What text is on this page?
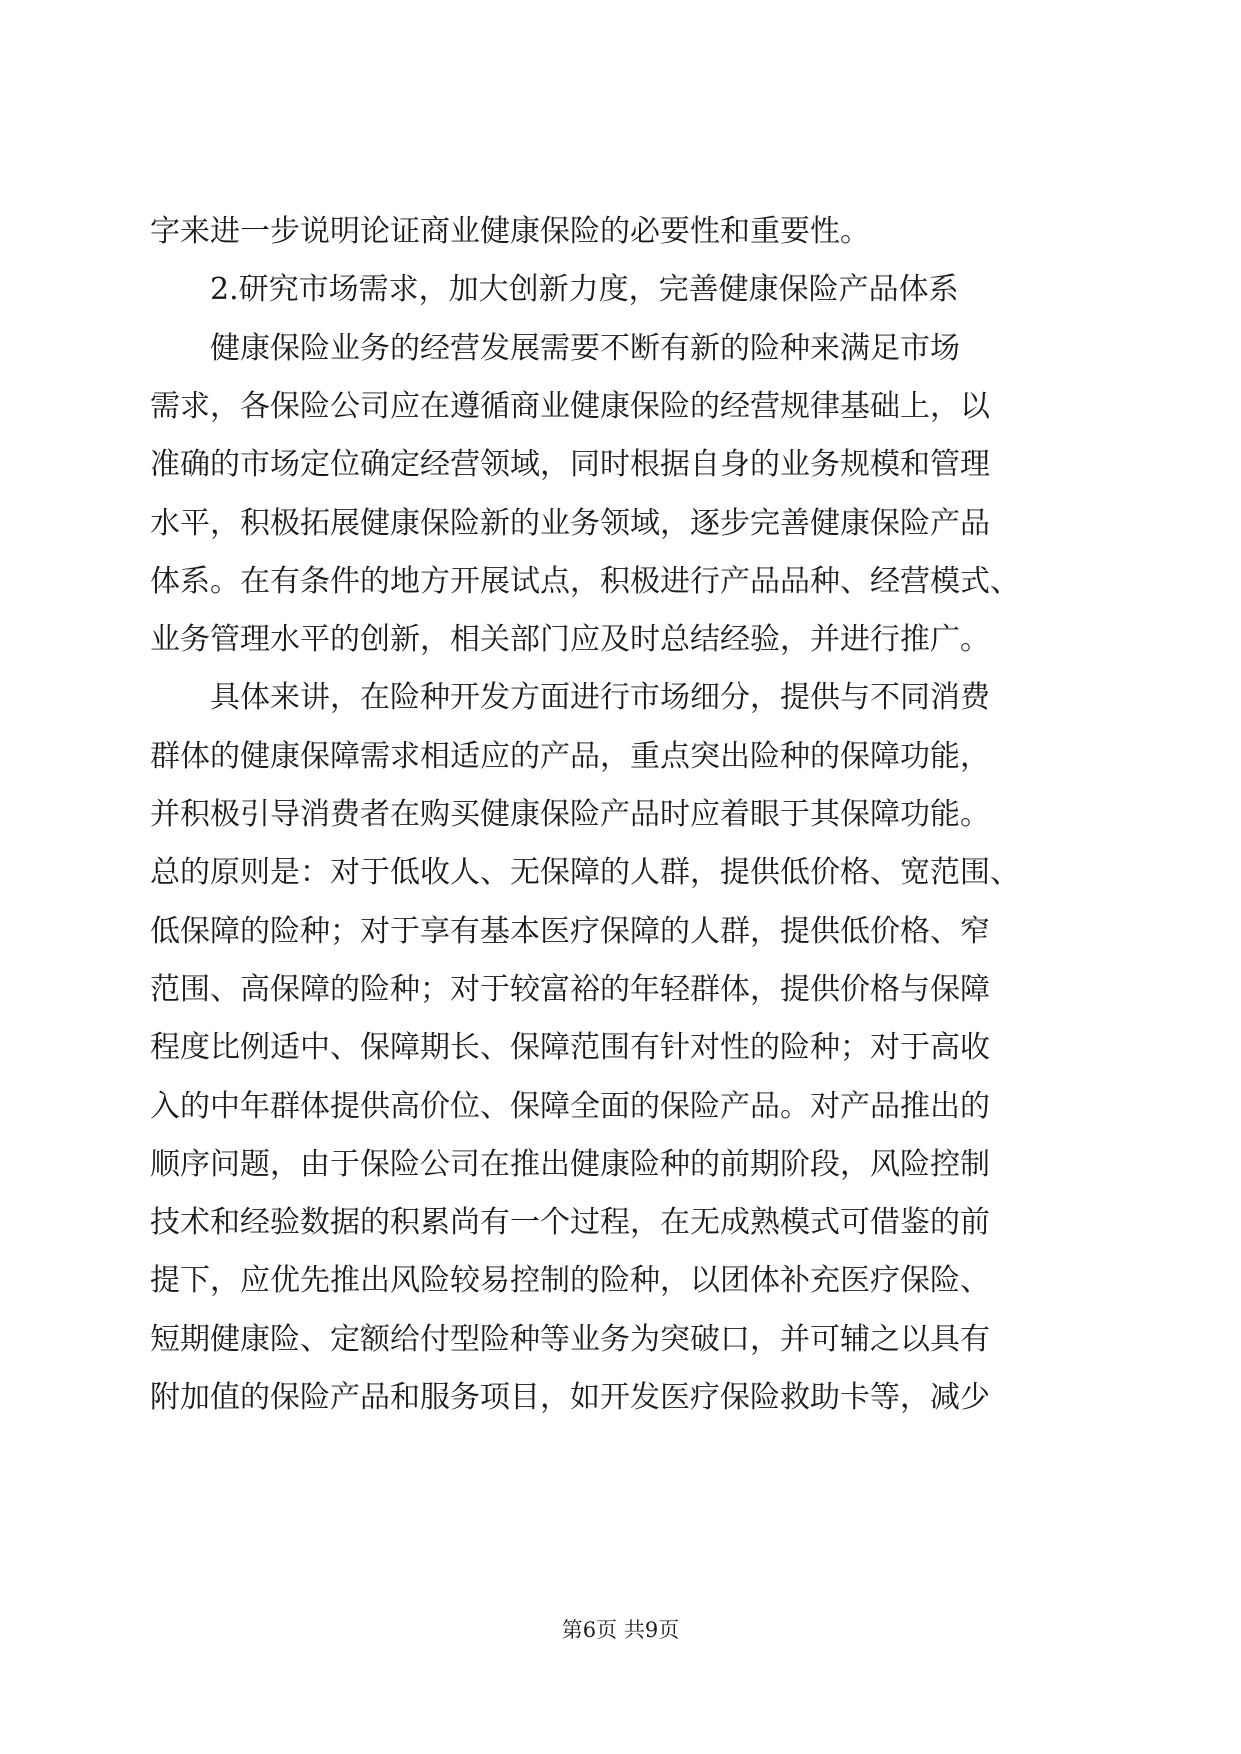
字来进一步说明论证商业健康保险的必要性和重要性。
2.研究市场需求，加大创新力度，完善健康保险产品体系
健康保险业务的经营发展需要不断有新的险种来满足市场
需求，各保险公司应在遵循商业健康保险的经营规律基础上，以
准确的市场定位确定经营领域，同时根据自身的业务规模和管理
水平，积极拓展健康保险新的业务领域，逐步完善健康保险产品
体系。在有条件的地方开展试点，积极进行产品品种、经营模式、
业务管理水平的创新，相关部门应及时总结经验，并进行推广。
具体来讲，在险种开发方面进行市场细分，提供与不同消费
群体的健康保障需求相适应的产品，重点突出险种的保障功能，
并积极引导消费者在购买健康保险产品时应着眼于其保障功能。
总的原则是：对于低收人、无保障的人群，提供低价格、宽范围、
低保障的险种；对于享有基本医疗保障的人群，提供低价格、窄
范围、高保障的险种；对于较富裕的年轻群体，提供价格与保障
程度比例适中、保障期长、保障范围有针对性的险种；对于高收
入的中年群体提供高价位、保障全面的保险产品。对产品推出的
顺序问题，由于保险公司在推出健康险种的前期阶段，风险控制
技术和经验数据的积累尚有一个过程，在无成熟模式可借鉴的前
提下，应优先推出风险较易控制的险种，以团体补充医疗保险、
短期健康险、定额给付型险种等业务为突破口，并可辅之以具有
附加值的保险产品和服务项目，如开发医疗保险救助卡等，减少
第6页 共9页
